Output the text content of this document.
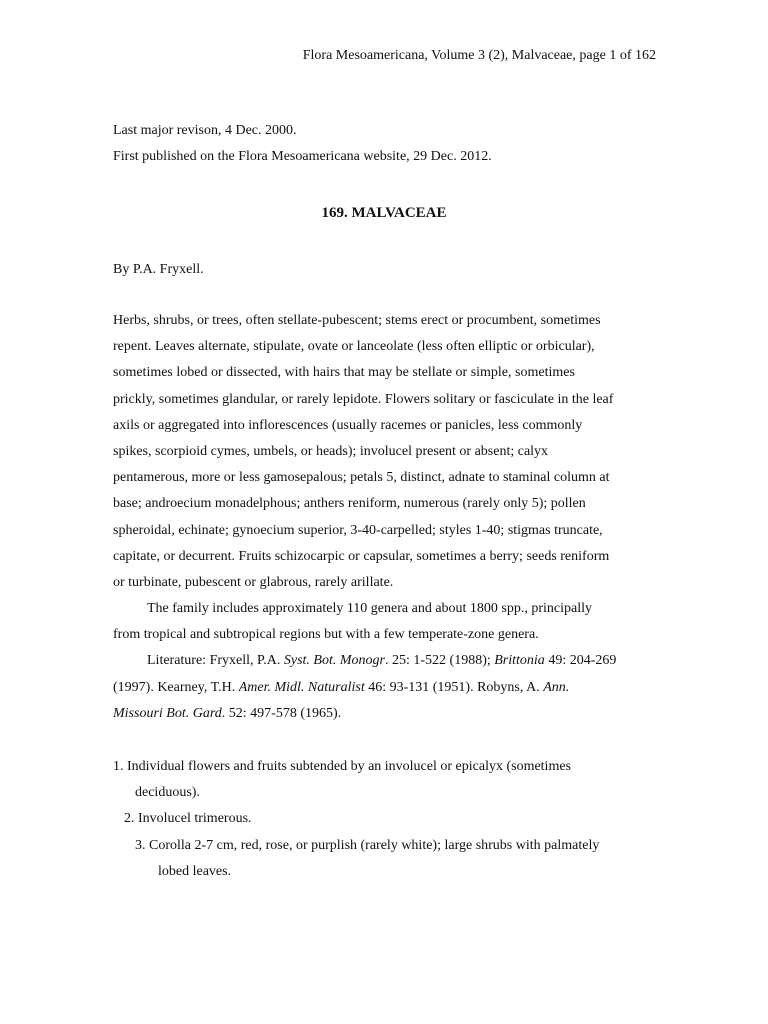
Flora Mesoamericana, Volume 3 (2), Malvaceae, page 1 of 162
Last major revison, 4 Dec. 2000.
First published on the Flora Mesoamericana website, 29 Dec. 2012.
169. MALVACEAE
By P.A. Fryxell.
Herbs, shrubs, or trees, often stellate-pubescent; stems erect or procumbent, sometimes
repent. Leaves alternate, stipulate, ovate or lanceolate (less often elliptic or orbicular),
sometimes lobed or dissected, with hairs that may be stellate or simple, sometimes
prickly, sometimes glandular, or rarely lepidote. Flowers solitary or fasciculate in the leaf
axils or aggregated into inflorescences (usually racemes or panicles, less commonly
spikes, scorpioid cymes, umbels, or heads); involucel present or absent; calyx
pentamerous, more or less gamosepalous; petals 5, distinct, adnate to staminal column at
base; androecium monadelphous; anthers reniform, numerous (rarely only 5); pollen
spheroidal, echinate; gynoecium superior, 3-40-carpelled; styles 1-40; stigmas truncate,
capitate, or decurrent. Fruits schizocarpic or capsular, sometimes a berry; seeds reniform
or turbinate, pubescent or glabrous, rarely arillate.
The family includes approximately 110 genera and about 1800 spp., principally
from tropical and subtropical regions but with a few temperate-zone genera.
Literature: Fryxell, P.A. Syst. Bot. Monogr. 25: 1-522 (1988); Brittonia 49: 204-269
(1997). Kearney, T.H. Amer. Midl. Naturalist 46: 93-131 (1951). Robyns, A. Ann.
Missouri Bot. Gard. 52: 497-578 (1965).
1. Individual flowers and fruits subtended by an involucel or epicalyx (sometimes
deciduous).
2. Involucel trimerous.
3. Corolla 2-7 cm, red, rose, or purplish (rarely white); large shrubs with palmately
lobed leaves.
